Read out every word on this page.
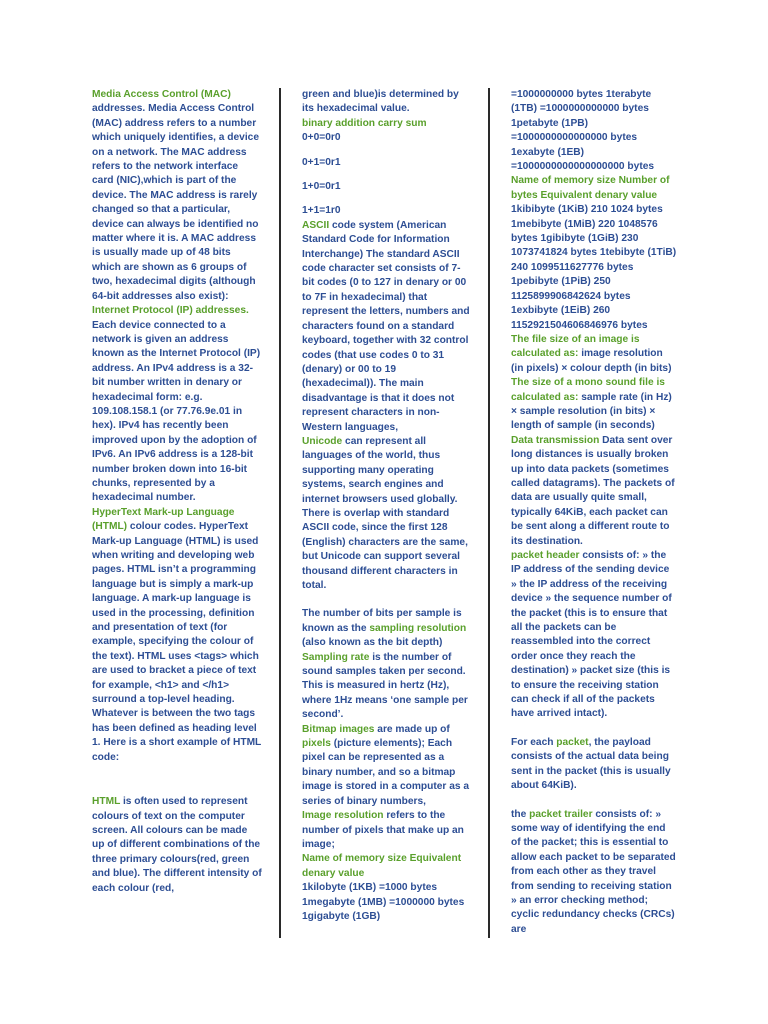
Media Access Control (MAC) addresses. Media Access Control (MAC) address refers to a number which uniquely identifies, a device on a network. The MAC address refers to the network interface card (NIC),which is part of the device. The MAC address is rarely changed so that a particular, device can always be identified no matter where it is. A MAC address is usually made up of 48 bits which are shown as 6 groups of two, hexadecimal digits (although 64-bit addresses also exist):

Internet Protocol (IP) addresses. Each device connected to a network is given an address known as the Internet Protocol (IP) address. An IPv4 address is a 32-bit number written in denary or hexadecimal form: e.g. 109.108.158.1 (or 77.76.9e.01 in hex). IPv4 has recently been improved upon by the adoption of IPv6. An IPv6 address is a 128-bit number broken down into 16-bit chunks, represented by a hexadecimal number.

HyperText Mark-up Language (HTML) colour codes. HyperText Mark-up Language (HTML) is used when writing and developing web pages. HTML isn’t a programming language but is simply a mark-up language. A mark-up language is used in the processing, definition and presentation of text (for example, specifying the colour of the text). HTML uses <tags> which are used to bracket a piece of text for example, <h1> and </h1> surround a top-level heading. Whatever is between the two tags has been defined as heading level 1. Here is a short example of HTML code:

HTML is often used to represent colours of text on the computer screen. All colours can be made up of different combinations of the three primary colours(red, green and blue). The different intensity of each colour (red,

green and blue)is determined by its hexadecimal value.

binary addition carry sum

0+0=0r0

0+1=0r1

1+0=0r1

1+1=1r0

ASCII code system (American Standard Code for Information Interchange) The standard ASCII code character set consists of 7-bit codes (0 to 127 in denary or 00 to 7F in hexadecimal) that represent the letters, numbers and characters found on a standard keyboard, together with 32 control codes (that use codes 0 to 31 (denary) or 00 to 19 (hexadecimal)). The main disadvantage is that it does not represent characters in non-Western languages,

Unicode can represent all languages of the world, thus supporting many operating systems, search engines and internet browsers used globally. There is overlap with standard ASCII code, since the first 128 (English) characters are the same, but Unicode can support several thousand different characters in total.

The number of bits per sample is known as the sampling resolution (also known as the bit depth)

Sampling rate is the number of sound samples taken per second. This is measured in hertz (Hz), where 1Hz means ‘one sample per second’.

Bitmap images are made up of pixels (picture elements); Each pixel can be represented as a binary number, and so a bitmap image is stored in a computer as a series of binary numbers,

Image resolution refers to the number of pixels that make up an image;

Name of memory size Equivalent denary value

1kilobyte (1KB) =1000 bytes 1megabyte (1MB) =1000000 bytes 1gigabyte (1GB)

=1000000000 bytes 1terabyte (1TB) =1000000000000 bytes 1petabyte (1PB) =1000000000000000 bytes 1exabyte (1EB) =1000000000000000000 bytes

Name of memory size Number of bytes Equivalent denary value

1kibibyte (1KiB) 210 1024 bytes 1mebibyte (1MiB) 220 1048576 bytes 1gibibyte (1GiB) 230 1073741824 bytes 1tebibyte (1TiB) 240 1099511627776 bytes 1pebibyte (1PiB) 250 1125899906842624 bytes 1exbibyte (1EiB) 260 1152921504606846976 bytes

The file size of an image is calculated as: image resolution (in pixels) × colour depth (in bits)

The size of a mono sound file is calculated as: sample rate (in Hz) × sample resolution (in bits) × length of sample (in seconds)

Data transmission Data sent over long distances is usually broken up into data packets (sometimes called datagrams). The packets of data are usually quite small, typically 64KiB, each packet can be sent along a different route to its destination.

packet header consists of: » the IP address of the sending device » the IP address of the receiving device » the sequence number of the packet (this is to ensure that all the packets can be reassembled into the correct order once they reach the destination) » packet size (this is to ensure the receiving station can check if all of the packets have arrived intact).

For each packet, the payload consists of the actual data being sent in the packet (this is usually about 64KiB).

the packet trailer consists of: » some way of identifying the end of the packet; this is essential to allow each packet to be separated from each other as they travel from sending to receiving station » an error checking method; cyclic redundancy checks (CRCs) are
